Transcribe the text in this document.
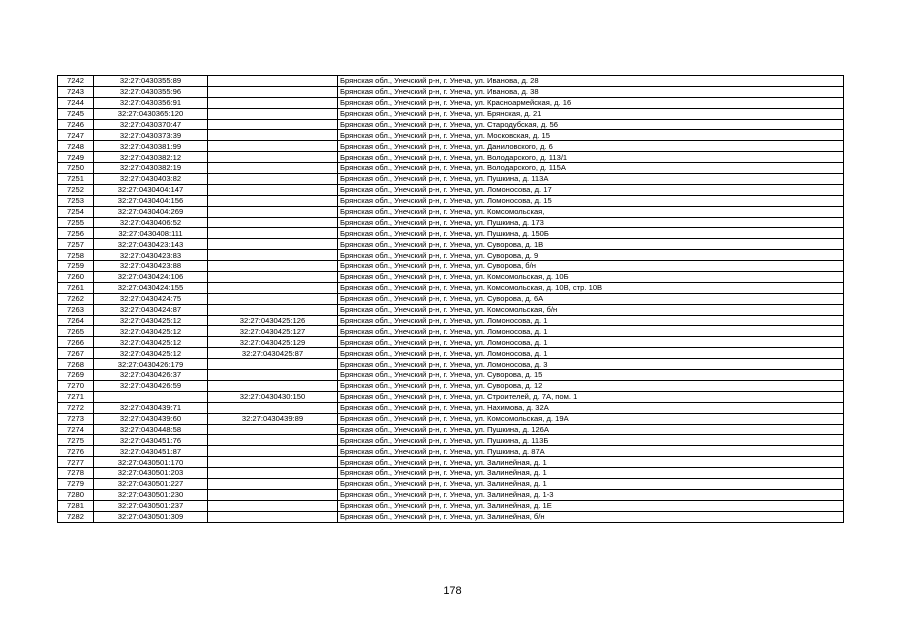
7242	32:27:0430355:89		Брянская обл., Унечский р-н, г. Унеча, ул. Иванова, д. 28
7243	32:27:0430355:96		Брянская обл., Унечский р-н, г. Унеча, ул. Иванова, д. 38
7244	32:27:0430356:91		Брянская обл., Унечский р-н, г. Унеча, ул. Красноармейская, д. 16
7245	32:27:0430365:120		Брянская обл., Унечский р-н, г. Унеча, ул. Брянская, д. 21
7246	32:27:0430370:47		Брянская обл., Унечский р-н, г. Унеча, ул. Стародубская, д. 56
7247	32:27:0430373:39		Брянская обл., Унечский р-н, г. Унеча, ул. Московская, д. 15
7248	32:27:0430381:99		Брянская обл., Унечский р-н, г. Унеча, ул. Даниловского, д. 6
7249	32:27:0430382:12		Брянская обл., Унечский р-н, г. Унеча, ул. Володарского, д. 113/1
7250	32:27:0430382:19		Брянская обл., Унечский р-н, г. Унеча, ул. Володарского, д. 115А
7251	32:27:0430403:82		Брянская обл., Унечский р-н, г. Унеча, ул. Пушкина, д. 113А
7252	32:27:0430404:147		Брянская обл., Унечский р-н, г. Унеча, ул. Ломоносова, д. 17
7253	32:27:0430404:156		Брянская обл., Унечский р-н, г. Унеча, ул. Ломоносова, д. 15
7254	32:27:0430404:269		Брянская обл., Унечский р-н, г. Унеча, ул. Комсомольская,
7255	32:27:0430406:52		Брянская обл., Унечский р-н, г. Унеча, ул. Пушкина, д. 173
7256	32:27:0430408:111		Брянская обл., Унечский р-н, г. Унеча, ул. Пушкина, д. 150Б
7257	32:27:0430423:143		Брянская обл., Унечский р-н, г. Унеча, ул. Суворова, д. 1В
7258	32:27:0430423:83		Брянская обл., Унечский р-н, г. Унеча, ул. Суворова, д. 9
7259	32:27:0430423:88		Брянская обл., Унечский р-н, г. Унеча, ул. Суворова, б/н
7260	32:27:0430424:106		Брянская обл., Унечский р-н, г. Унеча, ул. Комсомольская, д. 10Б
7261	32:27:0430424:155		Брянская обл., Унечский р-н, г. Унеча, ул. Комсомольская, д. 10В, стр. 10В
7262	32:27:0430424:75		Брянская обл., Унечский р-н, г. Унеча, ул. Суворова, д. 6А
7263	32:27:0430424:87		Брянская обл., Унечский р-н, г. Унеча, ул. Комсомольская, б/н
7264	32:27:0430425:12	32:27:0430425:126	Брянская обл., Унечский р-н, г. Унеча, ул. Ломоносова, д. 1
7265	32:27:0430425:12	32:27:0430425:127	Брянская обл., Унечский р-н, г. Унеча, ул. Ломоносова, д. 1
7266	32:27:0430425:12	32:27:0430425:129	Брянская обл., Унечский р-н, г. Унеча, ул. Ломоносова, д. 1
7267	32:27:0430425:12	32:27:0430425:87	Брянская обл., Унечский р-н, г. Унеча, ул. Ломоносова, д. 1
7268	32:27:0430426:179		Брянская обл., Унечский р-н, г. Унеча, ул. Ломоносова, д. 3
7269	32:27:0430426:37		Брянская обл., Унечский р-н, г. Унеча, ул. Суворова, д. 15
7270	32:27:0430426:59		Брянская обл., Унечский р-н, г. Унеча, ул. Суворова, д. 12
7271		32:27:0430430:150	Брянская обл., Унечский р-н, г. Унеча, ул. Строителей, д. 7А, пом. 1
7272	32:27:0430439:71		Брянская обл., Унечский р-н, г. Унеча, ул. Нахимова, д. 32А
7273	32:27:0430439:60	32:27:0430439:89	Брянская обл., Унечский р-н, г. Унеча, ул. Комсомольская, д. 19А
7274	32:27:0430448:58		Брянская обл., Унечский р-н, г. Унеча, ул. Пушкина, д. 126А
7275	32:27:0430451:76		Брянская обл., Унечский р-н, г. Унеча, ул. Пушкина, д. 113Б
7276	32:27:0430451:87		Брянская обл., Унечский р-н, г. Унеча, ул. Пушкина, д. 87А
7277	32:27:0430501:170		Брянская обл., Унечский р-н, г. Унеча, ул. Залинейная, д. 1
7278	32:27:0430501:203		Брянская обл., Унечский р-н, г. Унеча, ул. Залинейная, д. 1
7279	32:27:0430501:227		Брянская обл., Унечский р-н, г. Унеча, ул. Залинейная, д. 1
7280	32:27:0430501:230		Брянская обл., Унечский р-н, г. Унеча, ул. Залинейная, д. 1-3
7281	32:27:0430501:237		Брянская обл., Унечский р-н, г. Унеча, ул. Залинейная, д. 1Е
7282	32:27:0430501:309		Брянская обл., Унечский р-н, г. Унеча, ул. Залинейная, б/н
178
